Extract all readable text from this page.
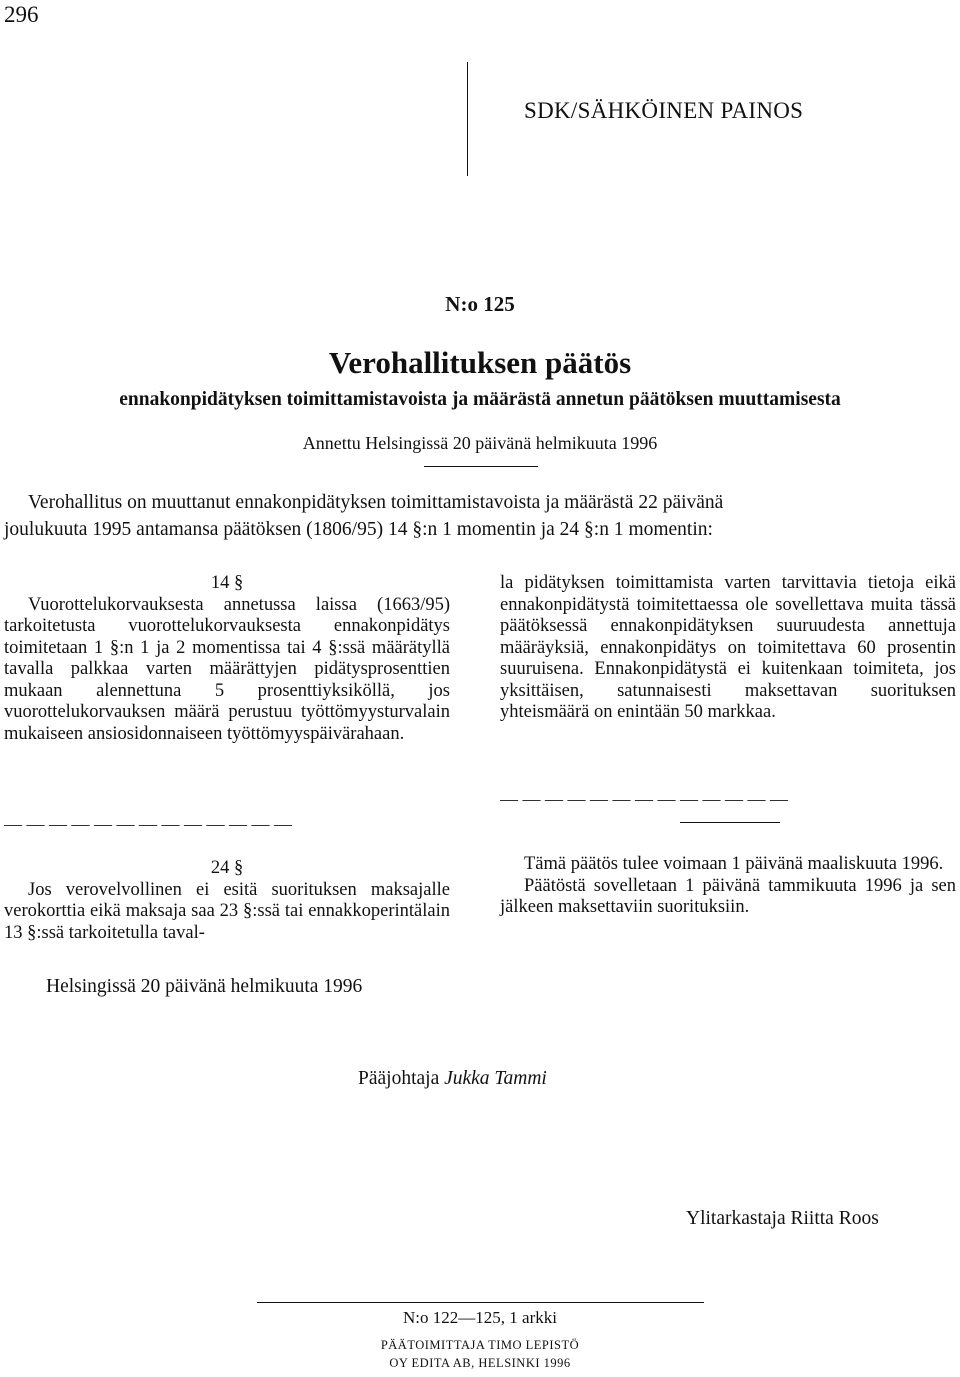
296
SDK/SÄHKÖINEN PAINOS
N:o 125
Verohallituksen päätös
ennakonpidätyksen toimittamistavoista ja määrästä annetun päätöksen muuttamisesta
Annettu Helsingissä 20 päivänä helmikuuta 1996

Verohallitus on muuttanut ennakonpidätyksen toimittamistavoista ja määrästä 22 päivänä

joulukuuta 1995 antamansa päätöksen (1806/95) 14 §:n 1 momentin ja 24 §:n 1 momentin:

14 §

Vuorottelukorvauksesta annetussa laissa (1663/95) tarkoitetusta vuorottelukorvauksesta ennakonpidätys toimitetaan 1 §:n 1 ja 2 momentissa tai 4 §:ssä määrätyllä tavalla palkkaa varten määrättyjen pidätysprosenttien mukaan alennettuna 5 prosenttiyksiköllä, jos vuorottelukorvauksen määrä perustuu työttömyysturvalain mukaiseen ansiosidonnaiseen työttömyyspäivärahaan.

— — — — — — — — — — — — —

24 §

Jos verovelvollinen ei esitä suorituksen maksajalle verokorttia eikä maksaja saa 23 §:ssä tai ennakkoperintälain 13 §:ssä tarkoitetulla taval-

la pidätyksen toimittamista varten tarvittavia tietoja eikä ennakonpidätystä toimitettaessa ole sovellettava muita tässä päätöksessä ennakonpidätyksen suuruudesta annettuja määräyksiä, ennakonpidätys on toimitettava 60 prosentin suuruisena. Ennakonpidätystä ei kuitenkaan toimiteta, jos yksittäisen, satunnaisesti maksettavan suorituksen yhteismäärä on enintään 50 markkaa.

— — — — — — — — — — — — —

Tämä päätös tulee voimaan 1 päivänä maaliskuuta 1996.

Päätöstä sovelletaan 1 päivänä tammikuuta 1996 ja sen jälkeen maksettaviin suorituksiin.

Helsingissä 20 päivänä helmikuuta 1996
Pääjohtaja Jukka Tammi
Ylitarkastaja Riitta Roos
N:o 122—125, 1 arkki
PÄÄTOIMITTAJA TIMO LEPISTÖ
OY EDITA AB, HELSINKI 1996
